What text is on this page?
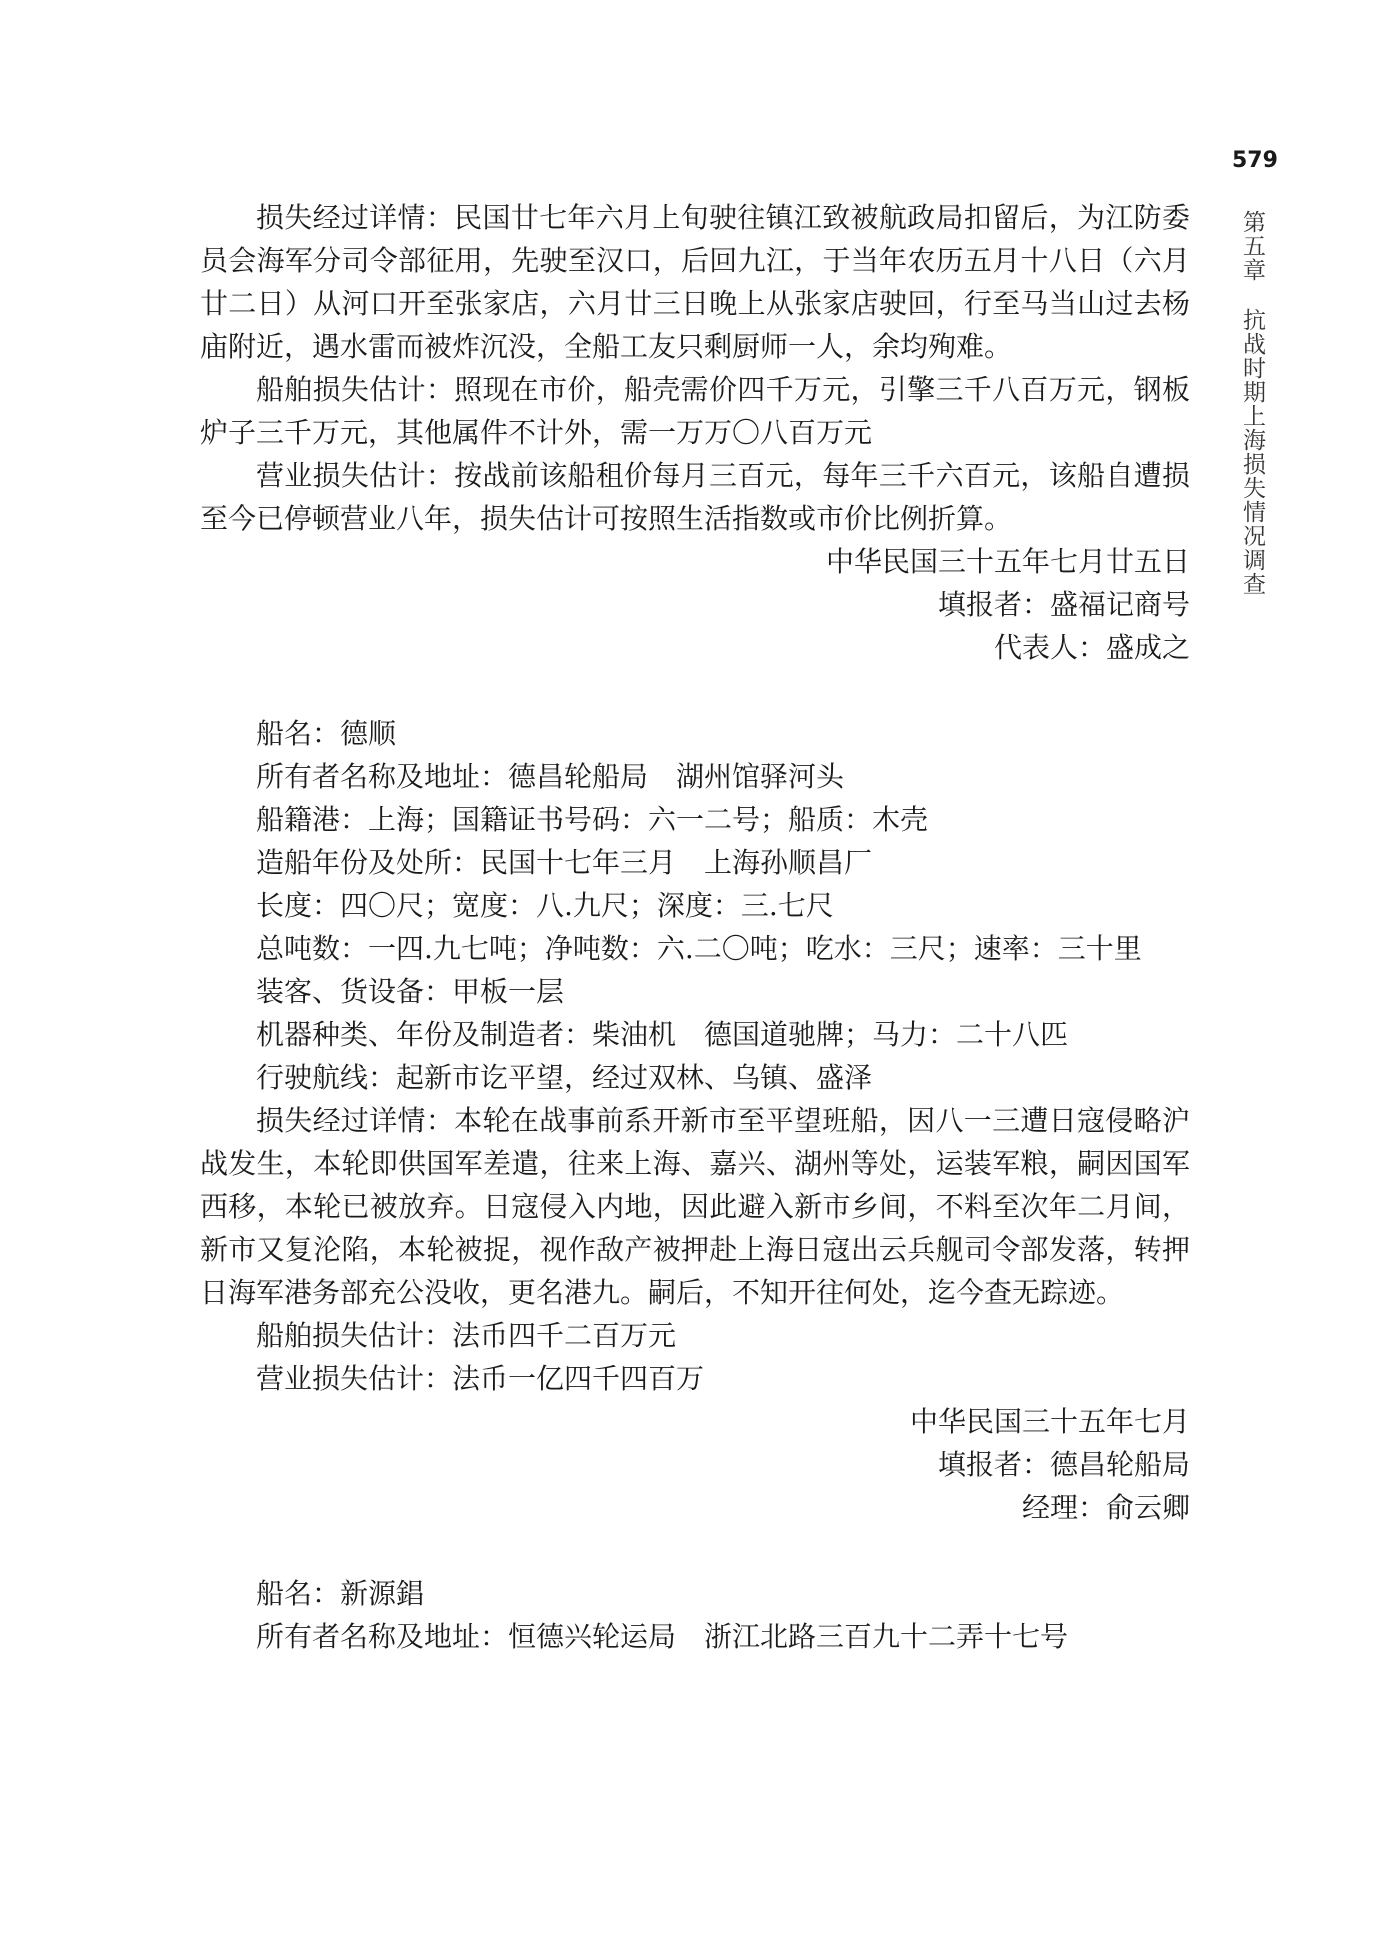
579
第五章抗战时期上海损失情况调查

损失经过详情：民国廿七年六月上旬驶往镇江致被航政局扣留后，为江防委员会海军分司令部征用，先驶至汉口，后回九江，于当年农历五月十八日（六月廿二日）从河口开至张家店，六月廿三日晚上从张家店驶回，行至马当山过去杨庙附近，遇水雷而被炸沉没，全船工友只剩厨师一人，余均殉难。

船舶损失估计：照现在市价，船壳需价四千万元，引擎三千八百万元，钢板炉子三千万元，其他属件不计外，需一万万〇八百万元

营业损失估计：按战前该船租价每月三百元，每年三千六百元，该船自遭损至今已停顿营业八年，损失估计可按照生活指数或市价比例折算。

中华民国三十五年七月廿五日

填报者：盛福记商号

代表人：盛成之

船名：德顺

所有者名称及地址：德昌轮船局　湖州馆驿河头

船籍港：上海；国籍证书号码：六一二号；船质：木壳

造船年份及处所：民国十七年三月　上海孙顺昌厂

长度：四〇尺；宽度：八.九尺；深度：三.七尺

总吨数：一四.九七吨；净吨数：六.二〇吨；吃水：三尺；速率：三十里

装客、货设备：甲板一层

机器种类、年份及制造者：柴油机　德国道驰牌；马力：二十八匹

行驶航线：起新市讫平望，经过双林、乌镇、盛泽

损失经过详情：本轮在战事前系开新市至平望班船，因八一三遭日寇侵略沪战发生，本轮即供国军差遣，往来上海、嘉兴、湖州等处，运装军粮，嗣因国军西移，本轮已被放弃。日寇侵入内地，因此避入新市乡间，不料至次年二月间，新市又复沦陷，本轮被捉，视作敌产被押赴上海日寇出云兵舰司令部发落，转押日海军港务部充公没收，更名港九。嗣后，不知开往何处，迄今查无踪迹。

船舶损失估计：法币四千二百万元

营业损失估计：法币一亿四千四百万

中华民国三十五年七月

填报者：德昌轮船局

经理：俞云卿

船名：新源錩

所有者名称及地址：恒德兴轮运局　浙江北路三百九十二弄十七号
